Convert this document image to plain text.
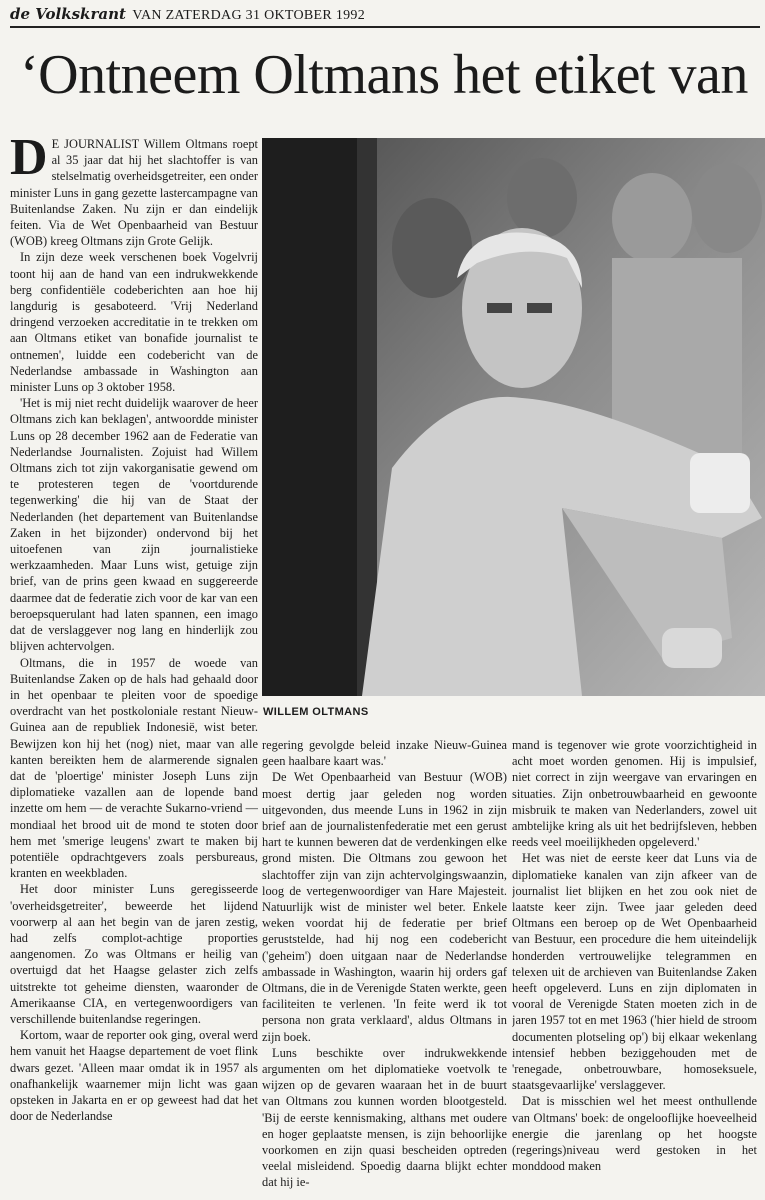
de Volkskrant VAN ZATERDAG 31 OKTOBER 1992
‘Ontneem Oltmans het etiket van

D E JOURNALIST Willem Oltmans roept al 35 jaar dat hij het slachtoffer is van stelselmatig overheidsgetreiter, een onder minister Luns in gang gezette lastercampagne van Buitenlandse Zaken. Nu zijn er dan eindelijk feiten. Via de Wet Openbaarheid van Bestuur (WOB) kreeg Oltmans zijn Grote Gelijk.

In zijn deze week verschenen boek Vogelvrij toont hij aan de hand van een indrukwekkende berg confidentiële codeberichten aan hoe hij langdurig is gesaboteerd. 'Vrij Nederland dringend verzoeken accreditatie in te trekken om aan Oltmans etiket van bonafide journalist te ontnemen', luidde een codebericht van de Nederlandse ambassade in Washington aan minister Luns op 3 oktober 1958.

'Het is mij niet recht duidelijk waarover de heer Oltmans zich kan beklagen', antwoordde minister Luns op 28 december 1962 aan de Federatie van Nederlandse Journalisten. Zojuist had Willem Oltmans zich tot zijn vakorganisatie gewend om te protesteren tegen de 'voortdurende tegenwerking' die hij van de Staat der Nederlanden (het departement van Buitenlandse Zaken in het bijzonder) ondervond bij het uitoefenen van zijn journalistieke werkzaamheden. Maar Luns wist, getuige zijn brief, van de prins geen kwaad en suggereerde daarmee dat de federatie zich voor de kar van een beroepsquerulant had laten spannen, een imago dat de verslaggever nog lang en hinderlijk zou blijven achtervolgen.

Oltmans, die in 1957 de woede van Buitenlandse Zaken op de hals had gehaald door in het openbaar te pleiten voor de spoedige overdracht van het postkoloniale restant Nieuw-Guinea aan de republiek Indonesië, wist beter. Bewijzen kon hij het (nog) niet, maar van alle kanten bereikten hem de alarmerende signalen dat de 'ploertige' minister Joseph Luns zijn diplomatieke vazallen aan de lopende band inzette om hem — de verachte Sukarno-vriend — mondiaal het brood uit de mond te stoten door hem met 'smerige leugens' zwart te maken bij potentiële opdrachtgevers zoals persbureaus, kranten en weekbladen.

Het door minister Luns geregisseerde 'overheidsgetreiter', beweerde het lijdend voorwerp al aan het begin van de jaren zestig, had zelfs complot-achtige proporties aangenomen. Zo was Oltmans er heilig van overtuigd dat het Haagse gelaster zich zelfs uitstrekte tot geheime diensten, waaronder de Amerikaanse CIA, en vertegenwoordigers van verschillende buitenlandse regeringen.

Kortom, waar de reporter ook ging, overal werd hem vanuit het Haagse departement de voet flink dwars gezet. 'Alleen maar omdat ik in 1957 als onafhankelijk waarnemer mijn licht was gaan opsteken in Jakarta en er op geweest had dat het door de Nederlandse

WILLEM OLTMANS

regering gevolgde beleid inzake Nieuw-Guinea geen haalbare kaart was.'

De Wet Openbaarheid van Bestuur (WOB) moest dertig jaar geleden nog worden uitgevonden, dus meende Luns in 1962 in zijn brief aan de journalistenfederatie met een gerust hart te kunnen beweren dat de verdenkingen elke grond misten. Die Oltmans zou gewoon het slachtoffer zijn van zijn achtervolgingswaanzin, loog de vertegenwoordiger van Hare Majesteit. Natuurlijk wist de minister wel beter. Enkele weken voordat hij de federatie per brief geruststelde, had hij nog een codebericht ('geheim') doen uitgaan naar de Nederlandse ambassade in Washington, waarin hij orders gaf Oltmans, die in de Verenigde Staten werkte, geen faciliteiten te verlenen. 'In feite werd ik tot persona non grata verklaard', aldus Oltmans in zijn boek.

Luns beschikte over indrukwekkende argumenten om het diplomatieke voetvolk te wijzen op de gevaren waaraan het in de buurt van Oltmans zou kunnen worden blootgesteld. 'Bij de eerste kennismaking, althans met oudere en hoger geplaatste mensen, is zijn behoorlijke voorkomen en zijn quasi bescheiden optreden veelal misleidend. Spoedig daarna blijkt echter dat hij ie-

mand is tegenover wie grote voorzichtigheid in acht moet worden genomen. Hij is impulsief, niet correct in zijn weergave van ervaringen en situaties. Zijn onbetrouwbaarheid en gewoonte misbruik te maken van Nederlanders, zowel uit ambtelijke kring als uit het bedrijfsleven, hebben reeds veel moeilijkheden opgeleverd.'

Het was niet de eerste keer dat Luns via de diplomatieke kanalen van zijn afkeer van de journalist liet blijken en het zou ook niet de laatste keer zijn. Twee jaar geleden deed Oltmans een beroep op de Wet Openbaarheid van Bestuur, een procedure die hem uiteindelijk honderden vertrouwelijke telegrammen en telexen uit de archieven van Buitenlandse Zaken heeft opgeleverd. Luns en zijn diplomaten in vooral de Verenigde Staten moeten zich in de jaren 1957 tot en met 1963 ('hier hield de stroom documenten plotseling op') bij elkaar wekenlang intensief hebben beziggehouden met de 'renegade, onbetrouwbare, homoseksuele, staatsgevaarlijke' verslaggever.

Dat is misschien wel het meest onthullende van Oltmans' boek: de ongelooflijke hoeveelheid energie die jarenlang op het hoogste (regerings)niveau werd gestoken in het monddood maken
